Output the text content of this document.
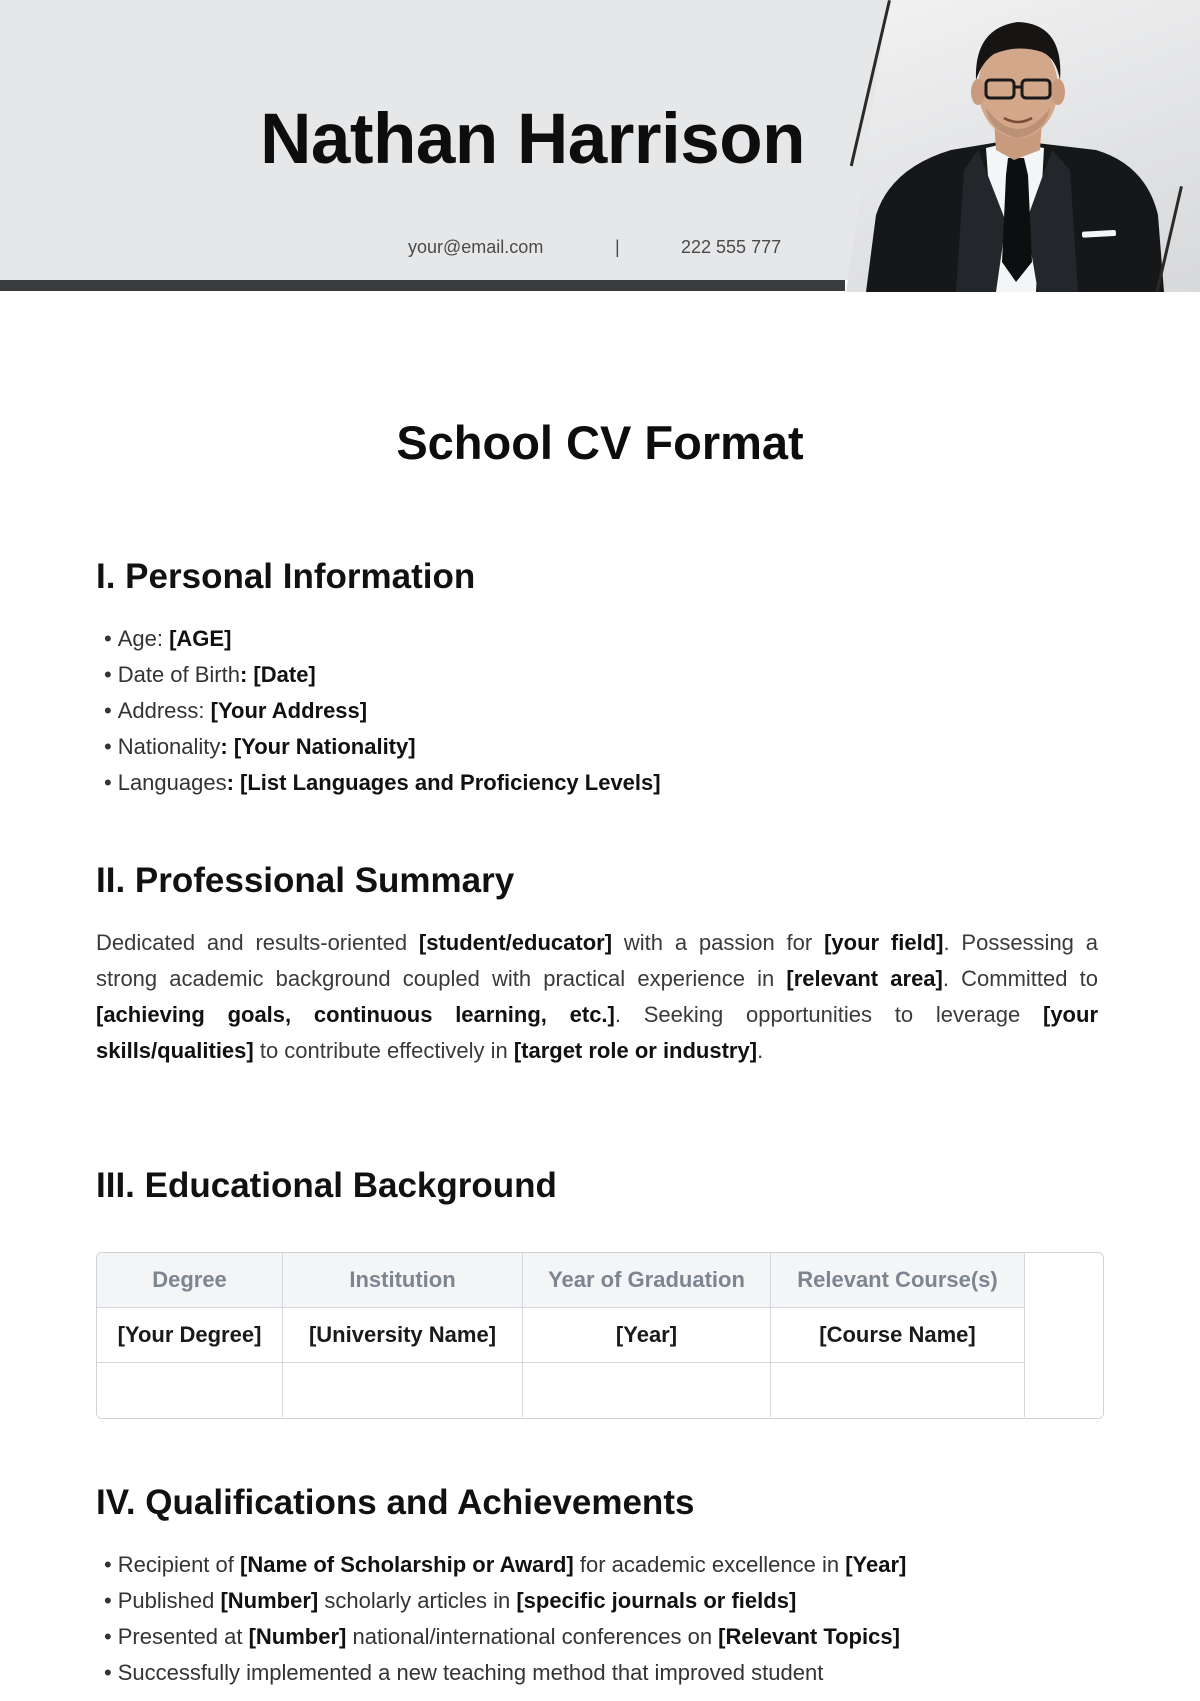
Nathan Harrison
your@email.com	|	222 555 777
School CV Format
I. Personal Information
• Age: [AGE]
• Date of Birth: [Date]
• Address: [Your Address]
• Nationality: [Your Nationality]
• Languages: [List Languages and Proficiency Levels]
II. Professional Summary

Dedicated and results-oriented [student/educator] with a passion for [your field]. Possessing a strong academic background coupled with practical experience in [relevant area]. Committed to [achieving goals, continuous learning, etc.]. Seeking opportunities to leverage [your skills/qualities] to contribute effectively in [target role or industry].

III. Educational Background
Degree	Institution	Year of Graduation	Relevant Course(s)
[Your Degree]	[University Name]	[Year]	[Course Name]

IV. Qualifications and Achievements
• Recipient of [Name of Scholarship or Award] for academic excellence in [Year]
• Published [Number] scholarly articles in [specific journals or fields]
• Presented at [Number] national/international conferences on [Relevant Topics]
• Successfully implemented a new teaching method that improved student
